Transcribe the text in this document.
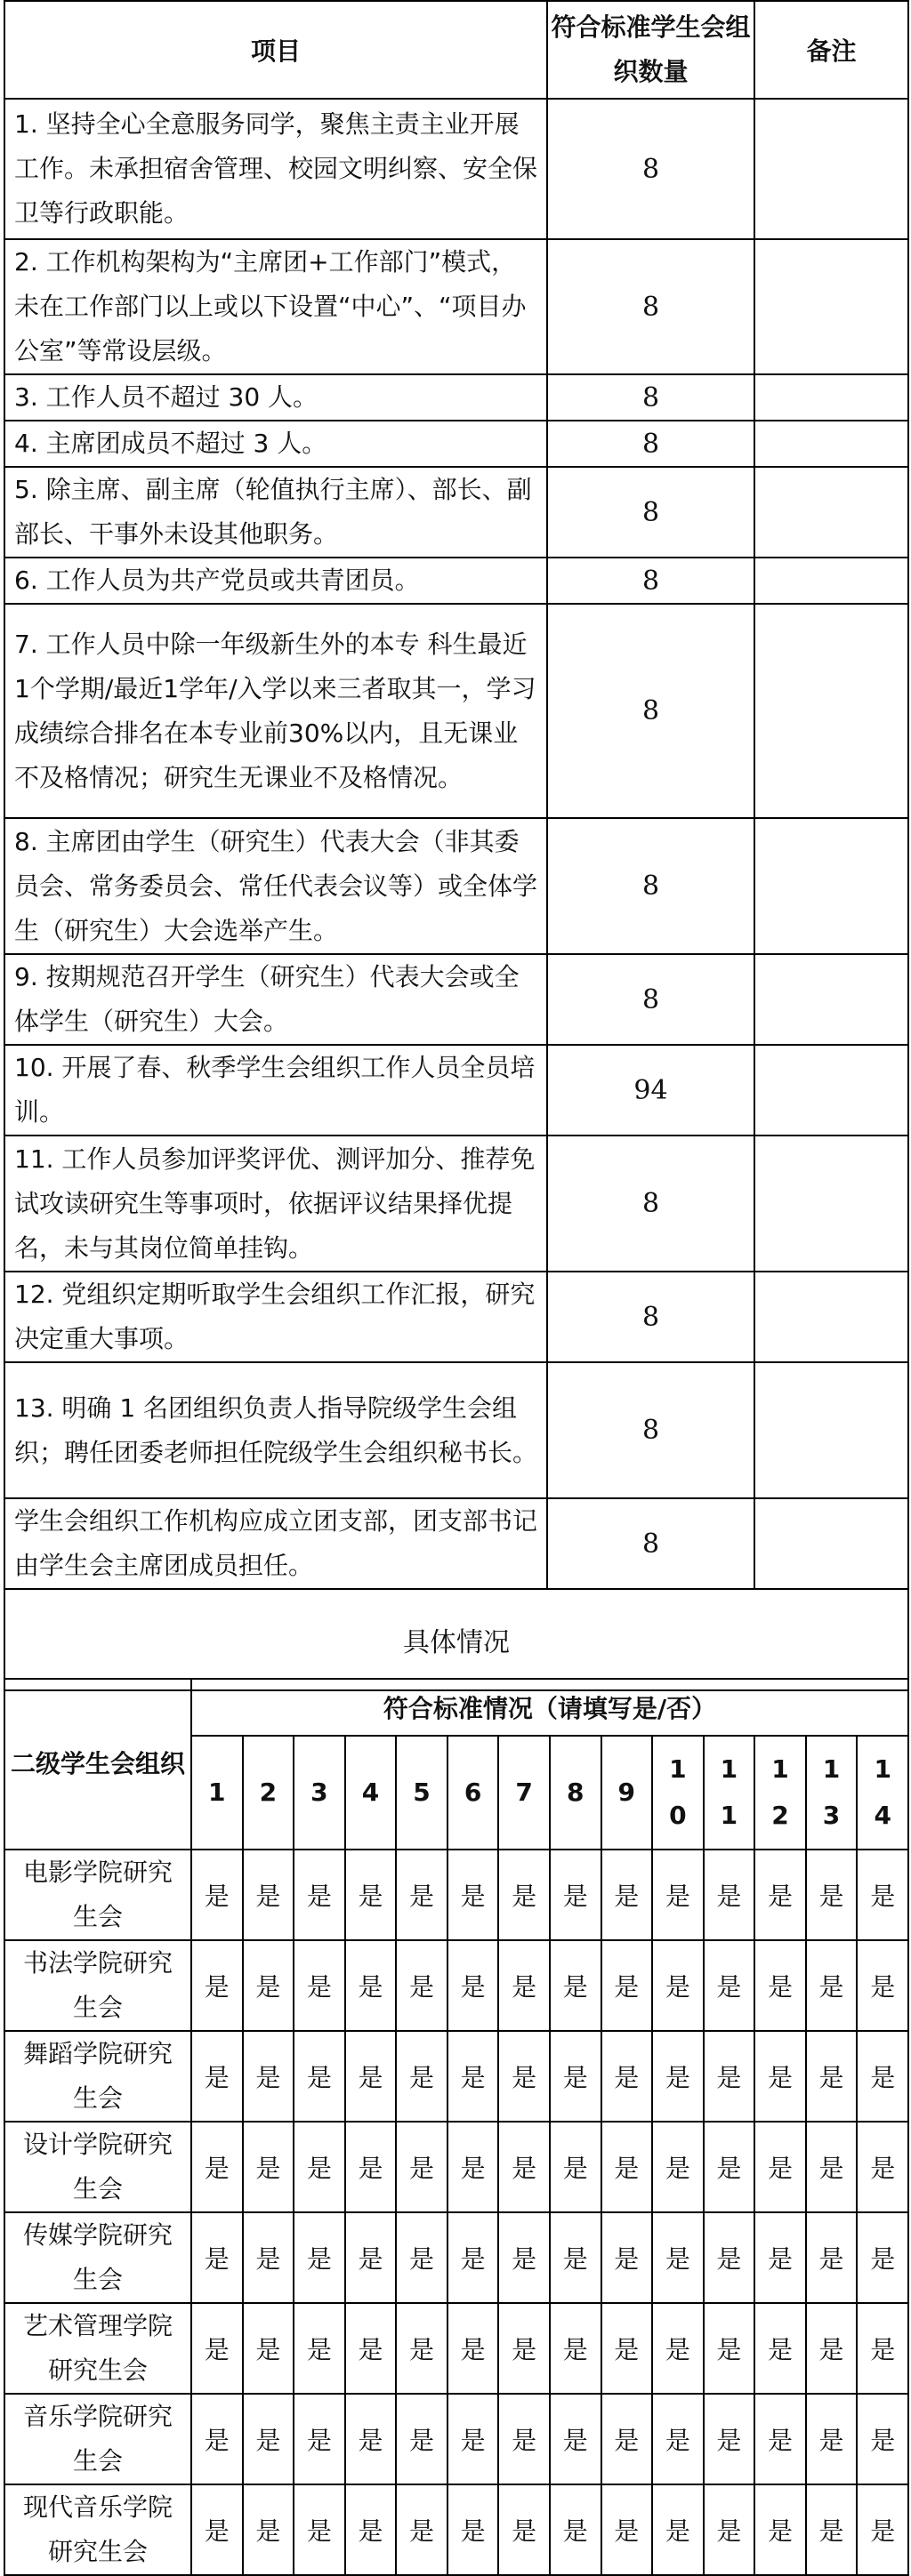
项目	符合标准学生会组织数量	备注
1. 坚持全心全意服务同学，聚焦主责主业开展工作。未承担宿舍管理、校园文明纠察、安全保卫等行政职能。	8	
2. 工作机构架构为“主席团+工作部门”模式，未在工作部门以上或以下设置“中心”、“项目办公室”等常设层级。	8	
3. 工作人员不超过 30 人。	8	
4. 主席团成员不超过 3 人。	8	
5. 除主席、副主席（轮值执行主席）、部长、副部长、干事外未设其他职务。	8	
6. 工作人员为共产党员或共青团员。	8	
7. 工作人员中除一年级新生外的本专 科生最近1个学期/最近1学年/入学以来三者取其一，学习成绩综合排名在本专业前30%以内，且无课业不及格情况；研究生无课业不及格情况。	8	
8. 主席团由学生（研究生）代表大会（非其委员会、常务委员会、常任代表会议等）或全体学生（研究生）大会选举产生。	8	
9. 按期规范召开学生（研究生）代表大会或全体学生（研究生）大会。	8	
10. 开展了春、秋季学生会组织工作人员全员培训。	94	
11. 工作人员参加评奖评优、测评加分、推荐免试攻读研究生等事项时，依据评议结果择优提名，未与其岗位简单挂钩。	8	
12. 党组织定期听取学生会组织工作汇报，研究决定重大事项。	8	
13. 明确 1 名团组织负责人指导院级学生会组织；聘任团委老师担任院级学生会组织秘书长。	8	
学生会组织工作机构应成立团支部，团支部书记由学生会主席团成员担任。	8	
具体情况		
二级学生会组织	符合标准情况（请填写是/否）													
	1	2	3	4	5	6	7	8	9	10	11	12	13	14
电影学院研究生会	是	是	是	是	是	是	是	是	是	是	是	是	是	是
书法学院研究生会	是	是	是	是	是	是	是	是	是	是	是	是	是	是
舞蹈学院研究生会	是	是	是	是	是	是	是	是	是	是	是	是	是	是
设计学院研究生会	是	是	是	是	是	是	是	是	是	是	是	是	是	是
传媒学院研究生会	是	是	是	是	是	是	是	是	是	是	是	是	是	是
艺术管理学院研究生会	是	是	是	是	是	是	是	是	是	是	是	是	是	是
音乐学院研究生会	是	是	是	是	是	是	是	是	是	是	是	是	是	是
现代音乐学院研究生会	是	是	是	是	是	是	是	是	是	是	是	是	是	是
